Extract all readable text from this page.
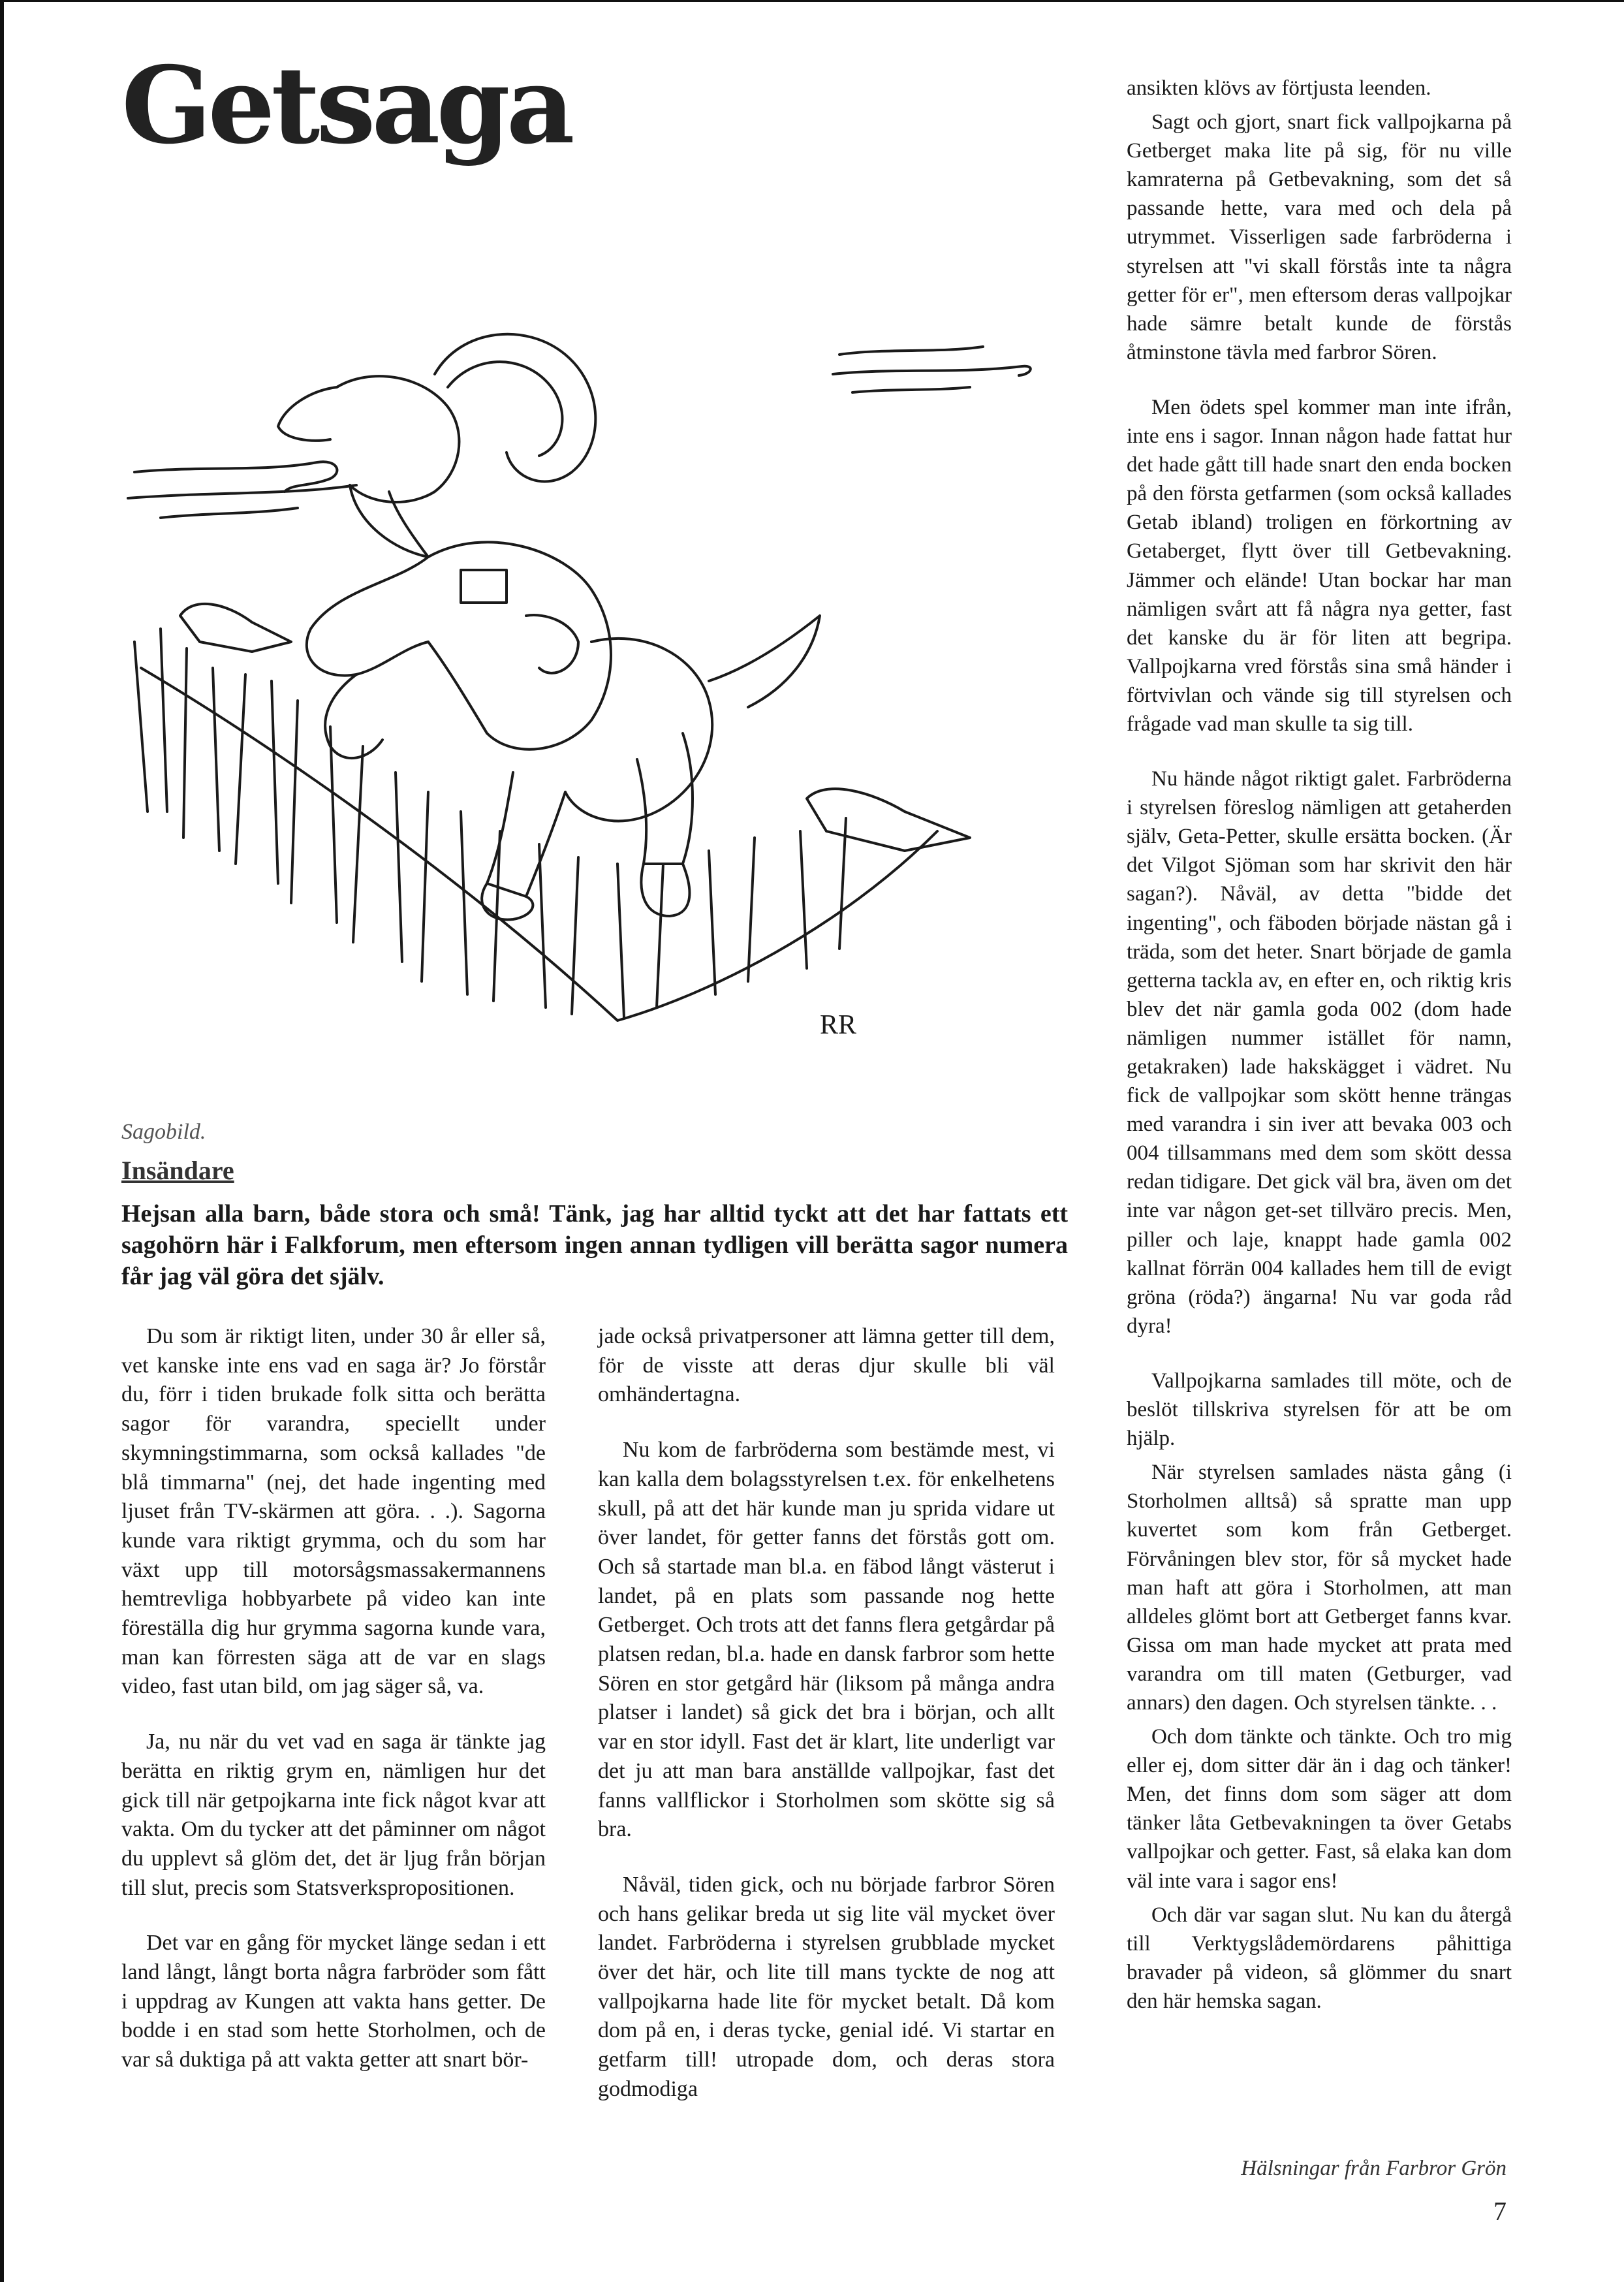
Getsaga
RR
Sagobild.
Insändare

Hejsan alla barn, både stora och små! Tänk, jag har alltid tyckt att det har fattats ett sagohörn här i Falkforum, men eftersom ingen annan tydligen vill berätta sagor numera får jag väl göra det själv.

Du som är riktigt liten, under 30 år eller så, vet kanske inte ens vad en saga är? Jo förstår du, förr i tiden brukade folk sitta och berätta sagor för varandra, speciellt under skymningstimmarna, som också kallades "de blå timmarna" (nej, det hade ingenting med ljuset från TV-skärmen att göra. . .). Sagorna kunde vara riktigt grymma, och du som har växt upp till motorsågsmassakermannens hemtrevliga hobbyarbete på video kan inte föreställa dig hur grymma sagorna kunde vara, man kan förresten säga att de var en slags video, fast utan bild, om jag säger så, va.

Ja, nu när du vet vad en saga är tänkte jag berätta en riktig grym en, nämligen hur det gick till när getpojkarna inte fick något kvar att vakta. Om du tycker att det påminner om något du upplevt så glöm det, det är ljug från början till slut, precis som Statsverkspropositionen.

Det var en gång för mycket länge sedan i ett land långt, långt borta några farbröder som fått i uppdrag av Kungen att vakta hans getter. De bodde i en stad som hette Storholmen, och de var så duktiga på att vakta getter att snart bör-

jade också privatpersoner att lämna getter till dem, för de visste att deras djur skulle bli väl omhändertagna.

Nu kom de farbröderna som bestämde mest, vi kan kalla dem bolagsstyrelsen t.ex. för enkelhetens skull, på att det här kunde man ju sprida vidare ut över landet, för getter fanns det förstås gott om. Och så startade man bl.a. en fäbod långt västerut i landet, på en plats som passande nog hette Getberget. Och trots att det fanns flera getgårdar på platsen redan, bl.a. hade en dansk farbror som hette Sören en stor getgård här (liksom på många andra platser i landet) så gick det bra i början, och allt var en stor idyll. Fast det är klart, lite underligt var det ju att man bara anställde vallpojkar, fast det fanns vallflickor i Storholmen som skötte sig så bra.

Nåväl, tiden gick, och nu började farbror Sören och hans gelikar breda ut sig lite väl mycket över landet. Farbröderna i styrelsen grubblade mycket över det här, och lite till mans tyckte de nog att vallpojkarna hade lite för mycket betalt. Då kom dom på en, i deras tycke, genial idé. Vi startar en getfarm till! utropade dom, och deras stora godmodiga

ansikten klövs av förtjusta leenden.

Sagt och gjort, snart fick vallpojkarna på Getberget maka lite på sig, för nu ville kamraterna på Getbevakning, som det så passande hette, vara med och dela på utrymmet. Visserligen sade farbröderna i styrelsen att "vi skall förstås inte ta några getter för er", men eftersom deras vallpojkar hade sämre betalt kunde de förstås åtminstone tävla med farbror Sören.

Men ödets spel kommer man inte ifrån, inte ens i sagor. Innan någon hade fattat hur det hade gått till hade snart den enda bocken på den första getfarmen (som också kallades Getab ibland) troligen en förkortning av Getaberget, flytt över till Getbevakning. Jämmer och elände! Utan bockar har man nämligen svårt att få några nya getter, fast det kanske du är för liten att begripa. Vallpojkarna vred förstås sina små händer i förtvivlan och vände sig till styrelsen och frågade vad man skulle ta sig till.

Nu hände något riktigt galet. Farbröderna i styrelsen föreslog nämligen att getaherden själv, Geta-Petter, skulle ersätta bocken. (Är det Vilgot Sjöman som har skrivit den här sagan?). Nåväl, av detta "bidde det ingenting", och fäboden började nästan gå i träda, som det heter. Snart började de gamla getterna tackla av, en efter en, och riktig kris blev det när gamla goda 002 (dom hade nämligen nummer istället för namn, getakraken) lade hakskägget i vädret. Nu fick de vallpojkar som skött henne trängas med varandra i sin iver att bevaka 003 och 004 tillsammans med dem som skött dessa redan tidigare. Det gick väl bra, även om det inte var någon get-set tillväro precis. Men, piller och laje, knappt hade gamla 002 kallnat förrän 004 kallades hem till de evigt gröna (röda?) ängarna! Nu var goda råd dyra!

Vallpojkarna samlades till möte, och de beslöt tillskriva styrelsen för att be om hjälp.

När styrelsen samlades nästa gång (i Storholmen alltså) så spratte man upp kuvertet som kom från Getberget. Förvåningen blev stor, för så mycket hade man haft att göra i Storholmen, att man alldeles glömt bort att Getberget fanns kvar. Gissa om man hade mycket att prata med varandra om till maten (Getburger, vad annars) den dagen. Och styrelsen tänkte. . .

Och dom tänkte och tänkte. Och tro mig eller ej, dom sitter där än i dag och tänker! Men, det finns dom som säger att dom tänker låta Getbevakningen ta över Getabs vallpojkar och getter. Fast, så elaka kan dom väl inte vara i sagor ens!

Och där var sagan slut. Nu kan du återgå till Verktygslådemördarens påhittiga bravader på videon, så glömmer du snart den här hemska sagan.

Hälsningar från Farbror Grön

7
